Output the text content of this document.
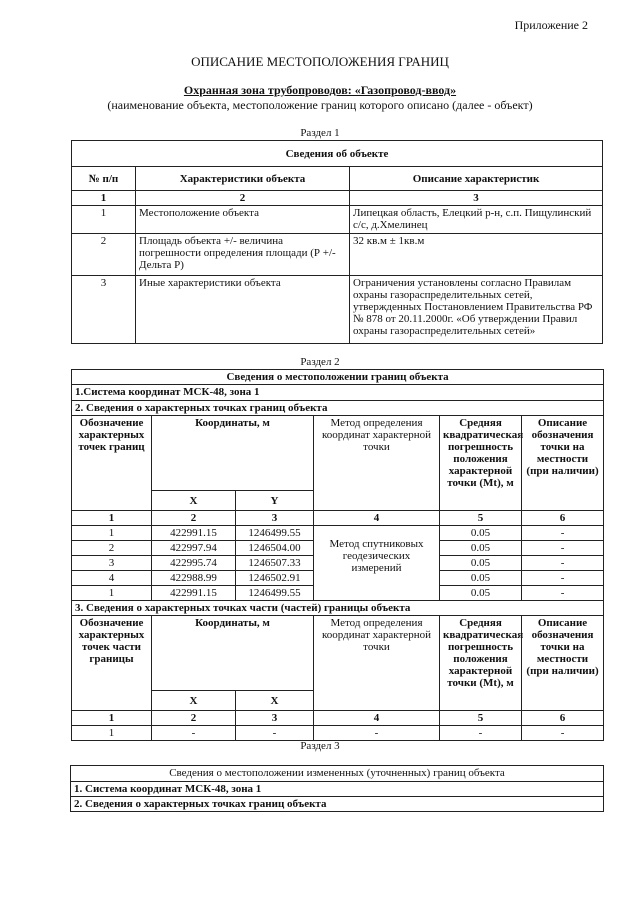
Приложение 2
ОПИСАНИЕ МЕСТОПОЛОЖЕНИЯ ГРАНИЦ
Охранная зона трубопроводов: «Газопровод-ввод»
(наименование объекта, местоположение границ которого описано (далее - объект)
Раздел 1
Сведения об объекте		
№ п/п	Характеристики объекта	Описание характеристик
1	2	3
1	Местоположение объекта	Липецкая область, Елецкий р-н, с.п. Пищулинский с/с, д.Хмелинец
2	Площадь объекта +/- величина погрешности определения площади (Р +/- Дельта Р)	32 кв.м ± 1кв.м
3	Иные характеристики объекта	Ограничения установлены согласно Правилам охраны газораспределительных сетей, утвержденных Постановлением Правительства РФ № 878 от 20.11.2000г. «Об утверждении Правил охраны газораспределительных сетей»
Раздел 2
Сведения о местоположении границ объекта					
1.Система координат МСК-48, зона 1					
2. Сведения о характерных точках границ объекта					
Обозначение характерных точек границ	Координаты, м		Метод определения координат характерной точки	Средняя квадратическая погрешность положения характерной точки (Mt), м	Описание обозначения точки на местности (при наличии)
	X	Y			
1	2	3	4	5	6
1	422991.15	1246499.55	Метод спутниковых геодезических измерений	0.05	-
2	422997.94	1246504.00		0.05	-
3	422995.74	1246507.33		0.05	-
4	422988.99	1246502.91		0.05	-
1	422991.15	1246499.55		0.05	-
3. Сведения о характерных точках части (частей) границы объекта					
Обозначение характерных точек части границы	Координаты, м		Метод определения координат характерной точки	Средняя квадратическая погрешность положения характерной точки (Mt), м	Описание обозначения точки на местности (при наличии)
	X	X			
1	2	3	4	5	6
1	-	-	-	-	-
Раздел 3
Сведения о местоположении измененных (уточненных) границ объекта
1. Система координат МСК-48, зона 1
2. Сведения о характерных точках границ объекта
